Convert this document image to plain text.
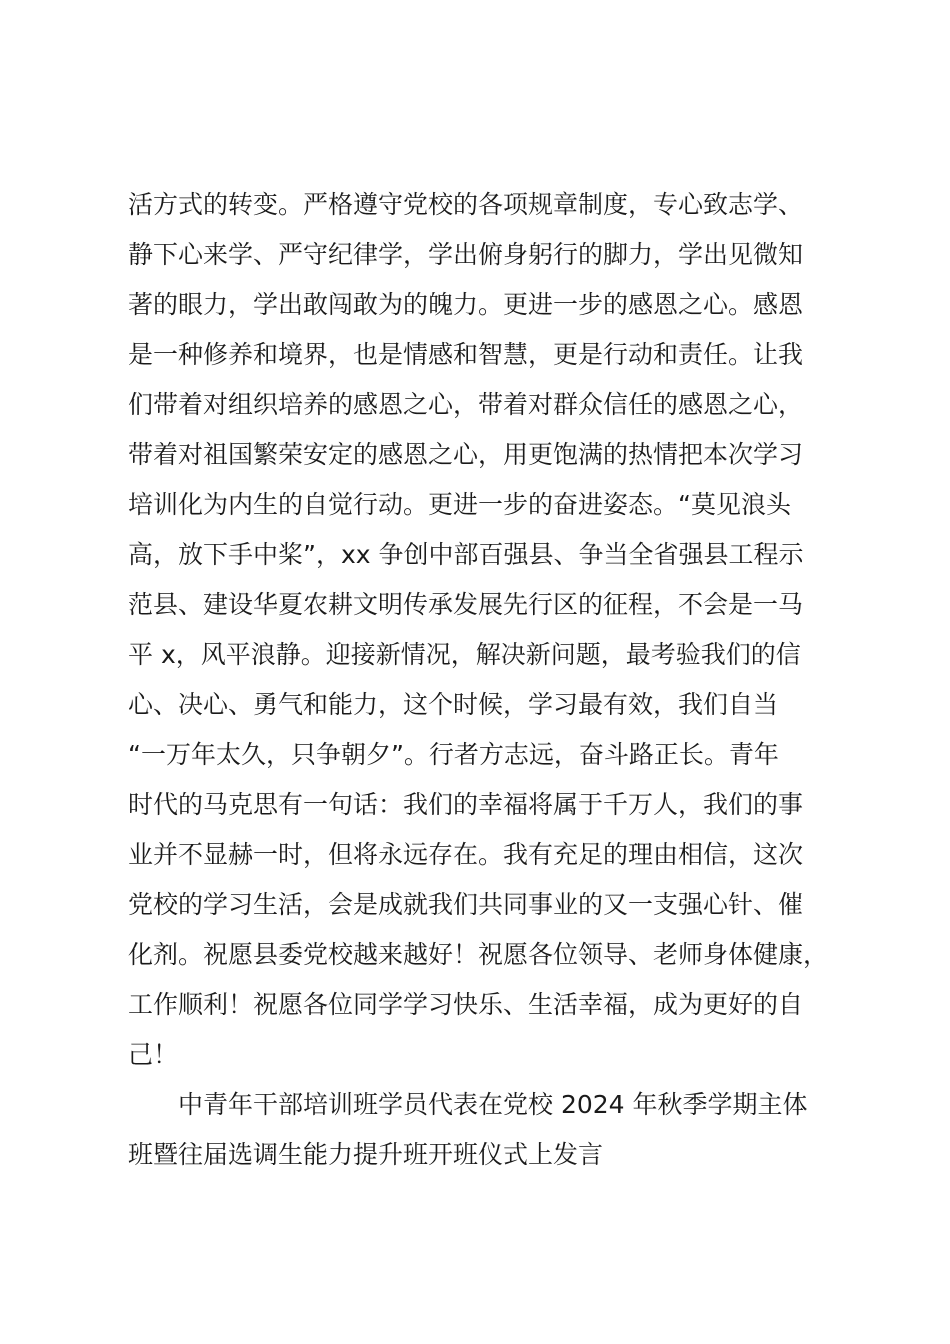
活方式的转变。严格遵守党校的各项规章制度，专心致志学、
静下心来学、严守纪律学，学出俯身躬行的脚力，学出见微知
著的眼力，学出敢闯敢为的魄力。更进一步的感恩之心。感恩
是一种修养和境界，也是情感和智慧，更是行动和责任。让我
们带着对组织培养的感恩之心，带着对群众信任的感恩之心，
带着对祖国繁荣安定的感恩之心，用更饱满的热情把本次学习
培训化为内生的自觉行动。更进一步的奋进姿态。“莫见浪头
高，放下手中桨”，xx 争创中部百强县、争当全省强县工程示
范县、建设华夏农耕文明传承发展先行区的征程，不会是一马
平 x，风平浪静。迎接新情况，解决新问题，最考验我们的信
心、决心、勇气和能力，这个时候，学习最有效，我们自当
“一万年太久，只争朝夕”。行者方志远，奋斗路正长。青年
时代的马克思有一句话：我们的幸福将属于千万人，我们的事
业并不显赫一时，但将永远存在。我有充足的理由相信，这次
党校的学习生活，会是成就我们共同事业的又一支强心针、催
化剂。祝愿县委党校越来越好！祝愿各位领导、老师身体健康，
工作顺利！祝愿各位同学学习快乐、生活幸福，成为更好的自
己！
中青年干部培训班学员代表在党校 2024 年秋季学期主体
班暨往届选调生能力提升班开班仪式上发言
